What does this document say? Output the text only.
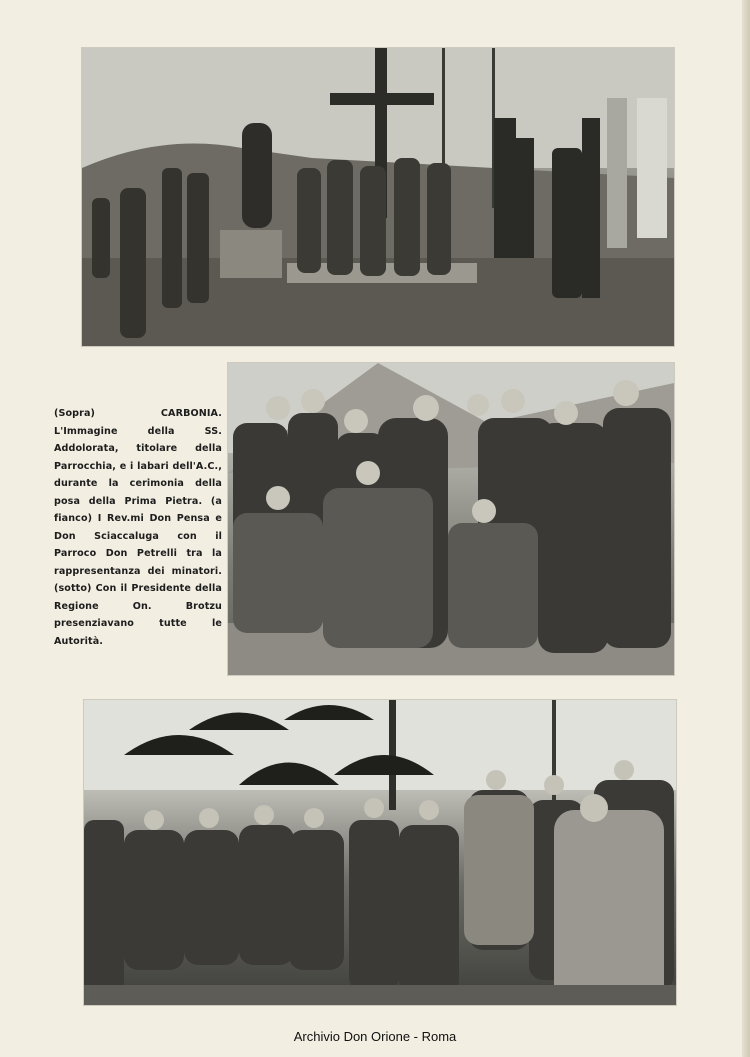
(Sopra) CARBONIA. L'Immagine della SS. Addolorata, titolare della Parrocchia, e i labari dell'A.C., durante la cerimonia della posa della Prima Pietra. (a fianco) I Rev.mi Don Pensa e Don Sciaccaluga con il Parroco Don Petrelli tra la rappresentanza dei minatori. (sotto) Con il Presidente della Regione On. Brotzu presenziavano tutte le Autorità.
Archivio Don Orione - Roma
